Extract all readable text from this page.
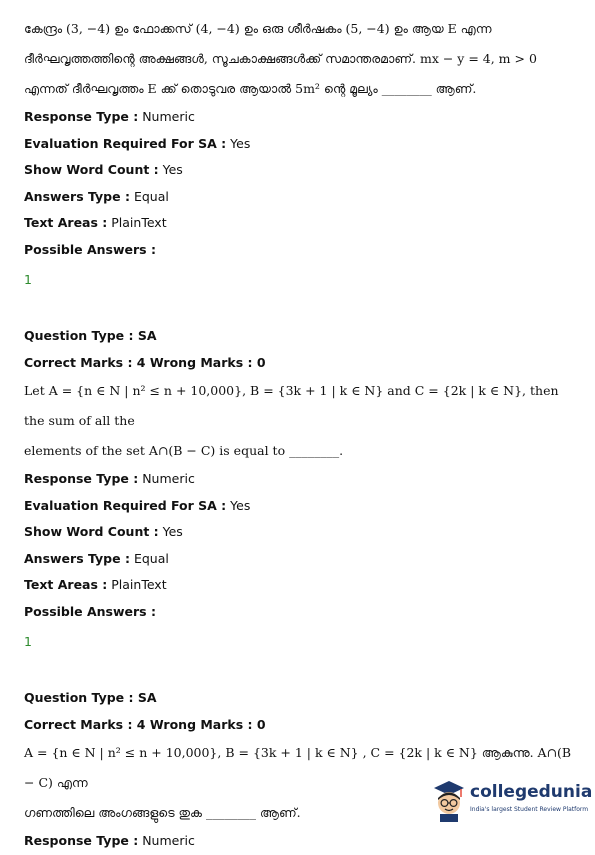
കേന്ദ്രം (3, −4) ഉം ഫോക്കസ് (4, −4) ഉം ഒരു ശീർഷകം (5, −4) ഉം ആയ E എന്ന

ദീർഘവൃത്തത്തിന്റെ അക്ഷങ്ങൾ, സൂചകാക്ഷങ്ങൾക്ക് സമാന്തരമാണ്. mx − y = 4, m > 0

എന്നത് ദീർഘവൃത്തം E ക്ക് തൊടുവര ആയാൽ 5m² ന്റെ മൂല്യം ________ ആണ്.

Response Type : Numeric

Evaluation Required For SA : Yes

Show Word Count : Yes

Answers Type : Equal

Text Areas : PlainText

Possible Answers :

1

Question Type : SA

Correct Marks : 4 Wrong Marks : 0

Let A = {n ∈ N | n² ≤ n + 10,000}, B = {3k + 1 | k ∈ N} and C = {2k | k ∈ N}, then the sum of all the

elements of the set A∩(B − C) is equal to ________.

Response Type : Numeric

Evaluation Required For SA : Yes

Show Word Count : Yes

Answers Type : Equal

Text Areas : PlainText

Possible Answers :

1

Question Type : SA

Correct Marks : 4 Wrong Marks : 0

A = {n ∈ N | n² ≤ n + 10,000}, B = {3k + 1 | k ∈ N} , C = {2k | k ∈ N} ആകുന്നു. A∩(B − C) എന്ന

ഗണത്തിലെ അംഗങ്ങളുടെ തുക ________ ആണ്.

Response Type : Numeric

collegedunia
India's largest Student Review Platform
